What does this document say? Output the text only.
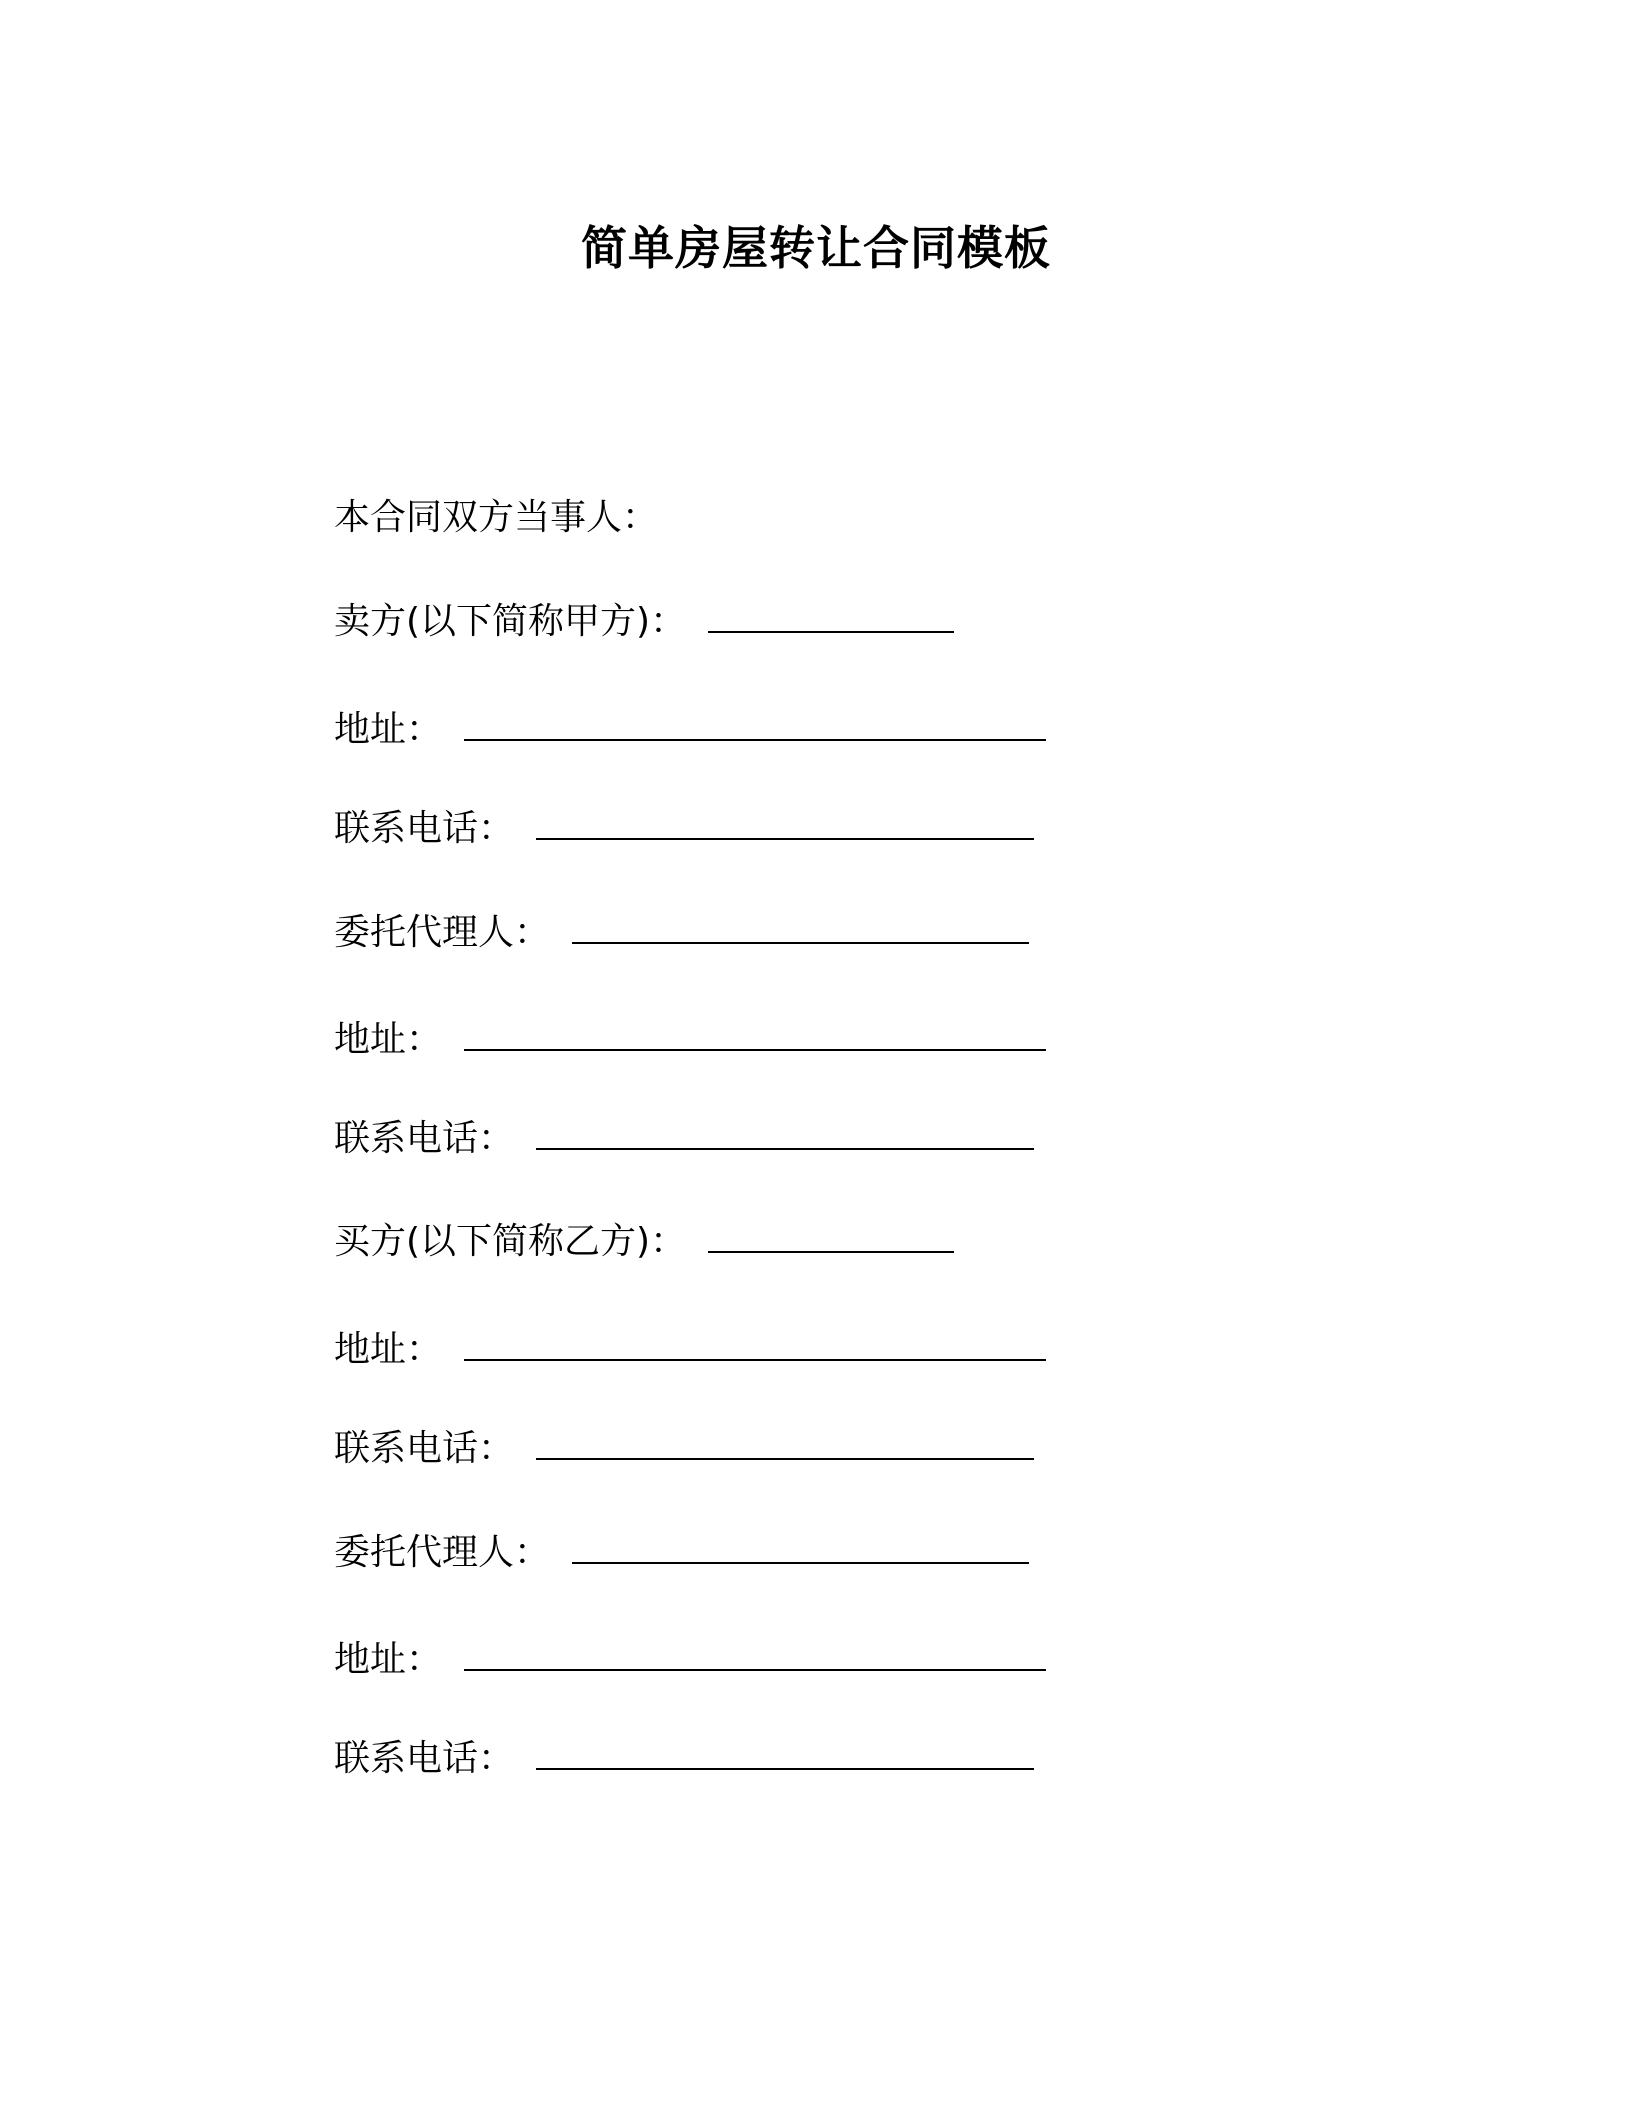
简单房屋转让合同模板
本合同双方当事人：
卖方(以下简称甲方)：
地址：
联系电话：
委托代理人：
地址：
联系电话：
买方(以下简称乙方)：
地址：
联系电话：
委托代理人：
地址：
联系电话：
